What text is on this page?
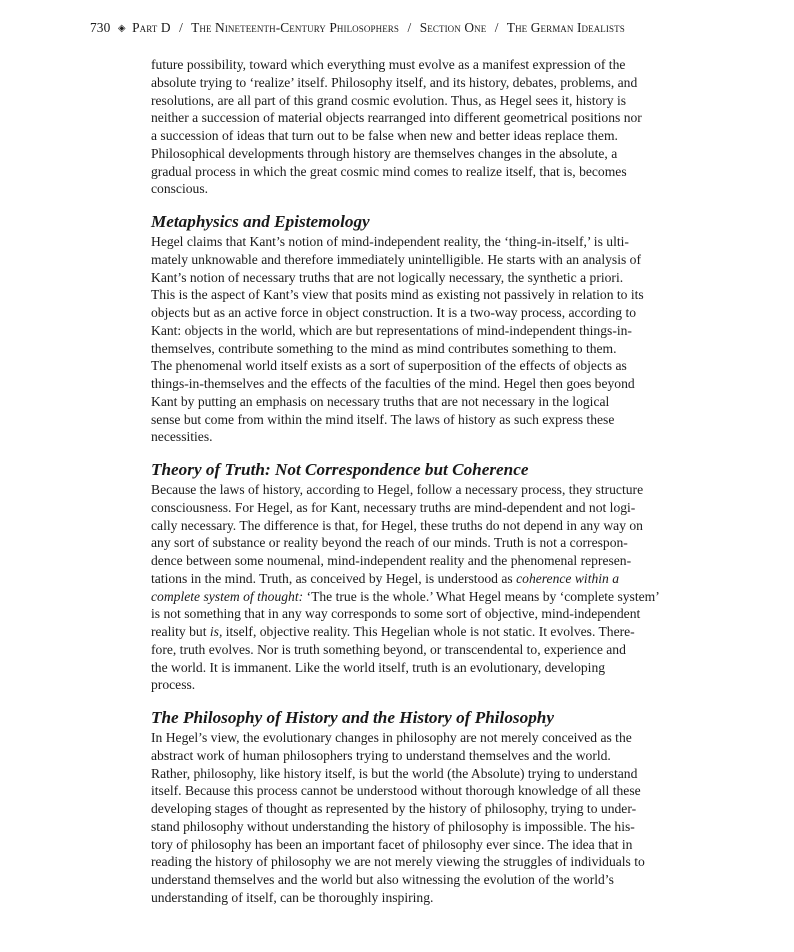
730 ◈ Part D / The Nineteenth-Century Philosophers / Section One / The German Idealists

future possibility, toward which everything must evolve as a manifest expression of the
absolute trying to ‘realize’ itself. Philosophy itself, and its history, debates, problems, and
resolutions, are all part of this grand cosmic evolution. Thus, as Hegel sees it, history is
neither a succession of material objects rearranged into different geometrical positions nor
a succession of ideas that turn out to be false when new and better ideas replace them.
Philosophical developments through history are themselves changes in the absolute, a
gradual process in which the great cosmic mind comes to realize itself, that is, becomes
conscious.

Metaphysics and Epistemology

Hegel claims that Kant’s notion of mind-independent reality, the ‘thing-in-itself,’ is ulti-
mately unknowable and therefore immediately unintelligible. He starts with an analysis of
Kant’s notion of necessary truths that are not logically necessary, the synthetic a priori.
This is the aspect of Kant’s view that posits mind as existing not passively in relation to its
objects but as an active force in object construction. It is a two-way process, according to
Kant: objects in the world, which are but representations of mind-independent things-in-
themselves, contribute something to the mind as mind contributes something to them.
The phenomenal world itself exists as a sort of superposition of the effects of objects as
things-in-themselves and the effects of the faculties of the mind. Hegel then goes beyond
Kant by putting an emphasis on necessary truths that are not necessary in the logical
sense but come from within the mind itself. The laws of history as such express these
necessities.

Theory of Truth: Not Correspondence but Coherence

Because the laws of history, according to Hegel, follow a necessary process, they structure
consciousness. For Hegel, as for Kant, necessary truths are mind-dependent and not logi-
cally necessary. The difference is that, for Hegel, these truths do not depend in any way on
any sort of substance or reality beyond the reach of our minds. Truth is not a correspon-
dence between some noumenal, mind-independent reality and the phenomenal represen-
tations in the mind. Truth, as conceived by Hegel, is understood as coherence within a
complete system of thought: ‘The true is the whole.’ What Hegel means by ‘complete system’
is not something that in any way corresponds to some sort of objective, mind-independent
reality but is, itself, objective reality. This Hegelian whole is not static. It evolves. There-
fore, truth evolves. Nor is truth something beyond, or transcendental to, experience and
the world. It is immanent. Like the world itself, truth is an evolutionary, developing
process.

The Philosophy of History and the History of Philosophy

In Hegel’s view, the evolutionary changes in philosophy are not merely conceived as the
abstract work of human philosophers trying to understand themselves and the world.
Rather, philosophy, like history itself, is but the world (the Absolute) trying to understand
itself. Because this process cannot be understood without thorough knowledge of all these
developing stages of thought as represented by the history of philosophy, trying to under-
stand philosophy without understanding the history of philosophy is impossible. The his-
tory of philosophy has been an important facet of philosophy ever since. The idea that in
reading the history of philosophy we are not merely viewing the struggles of individuals to
understand themselves and the world but also witnessing the evolution of the world’s
understanding of itself, can be thoroughly inspiring.
